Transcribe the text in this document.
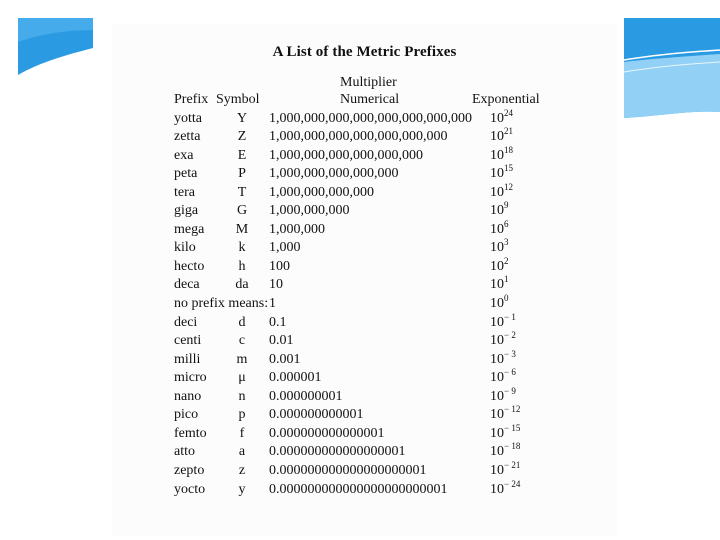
A List of the Metric Prefixes
Multiplier
Prefix Symbol	Numerical	Exponential
yotta	Y	1,000,000,000,000,000,000,000,000 $10^{24}$
zetta	Z	1,000,000,000,000,000,000,000	$10^{21}$
exa	E	1,000,000,000,000,000,000	$10^{18}$
peta	P	1,000,000,000,000,000	$10^{15}$
tera	T	1,000,000,000,000	$10^{12}$
giga	G	1,000,000,000	$10^9$
mega	M	1,000,000	$10^6$
kilo	k	1,000	$10^3$
hecto	h	100	$10^2$
deca	da	10	$10^1$
no prefix means: 1	$10^0$
deci	d	0.1	$10^{- 1}$
centi	c	0.01	$10^{- 2}$
milli	m	0.001	$10^{- 3}$
micro	μ	0.000001	$10^{- 6}$
nano	n	0.000000001	$10^{- 9}$
pico	p	0.000000000001	$10^{- 12}$
femto	f	0.000000000000001	$10^{- 15}$
atto	a	0.000000000000000001	$10^{- 18}$
zepto	z	0.000000000000000000001	$10^{- 21}$
yocto	y	0.000000000000000000000001	$10^{- 24}$
